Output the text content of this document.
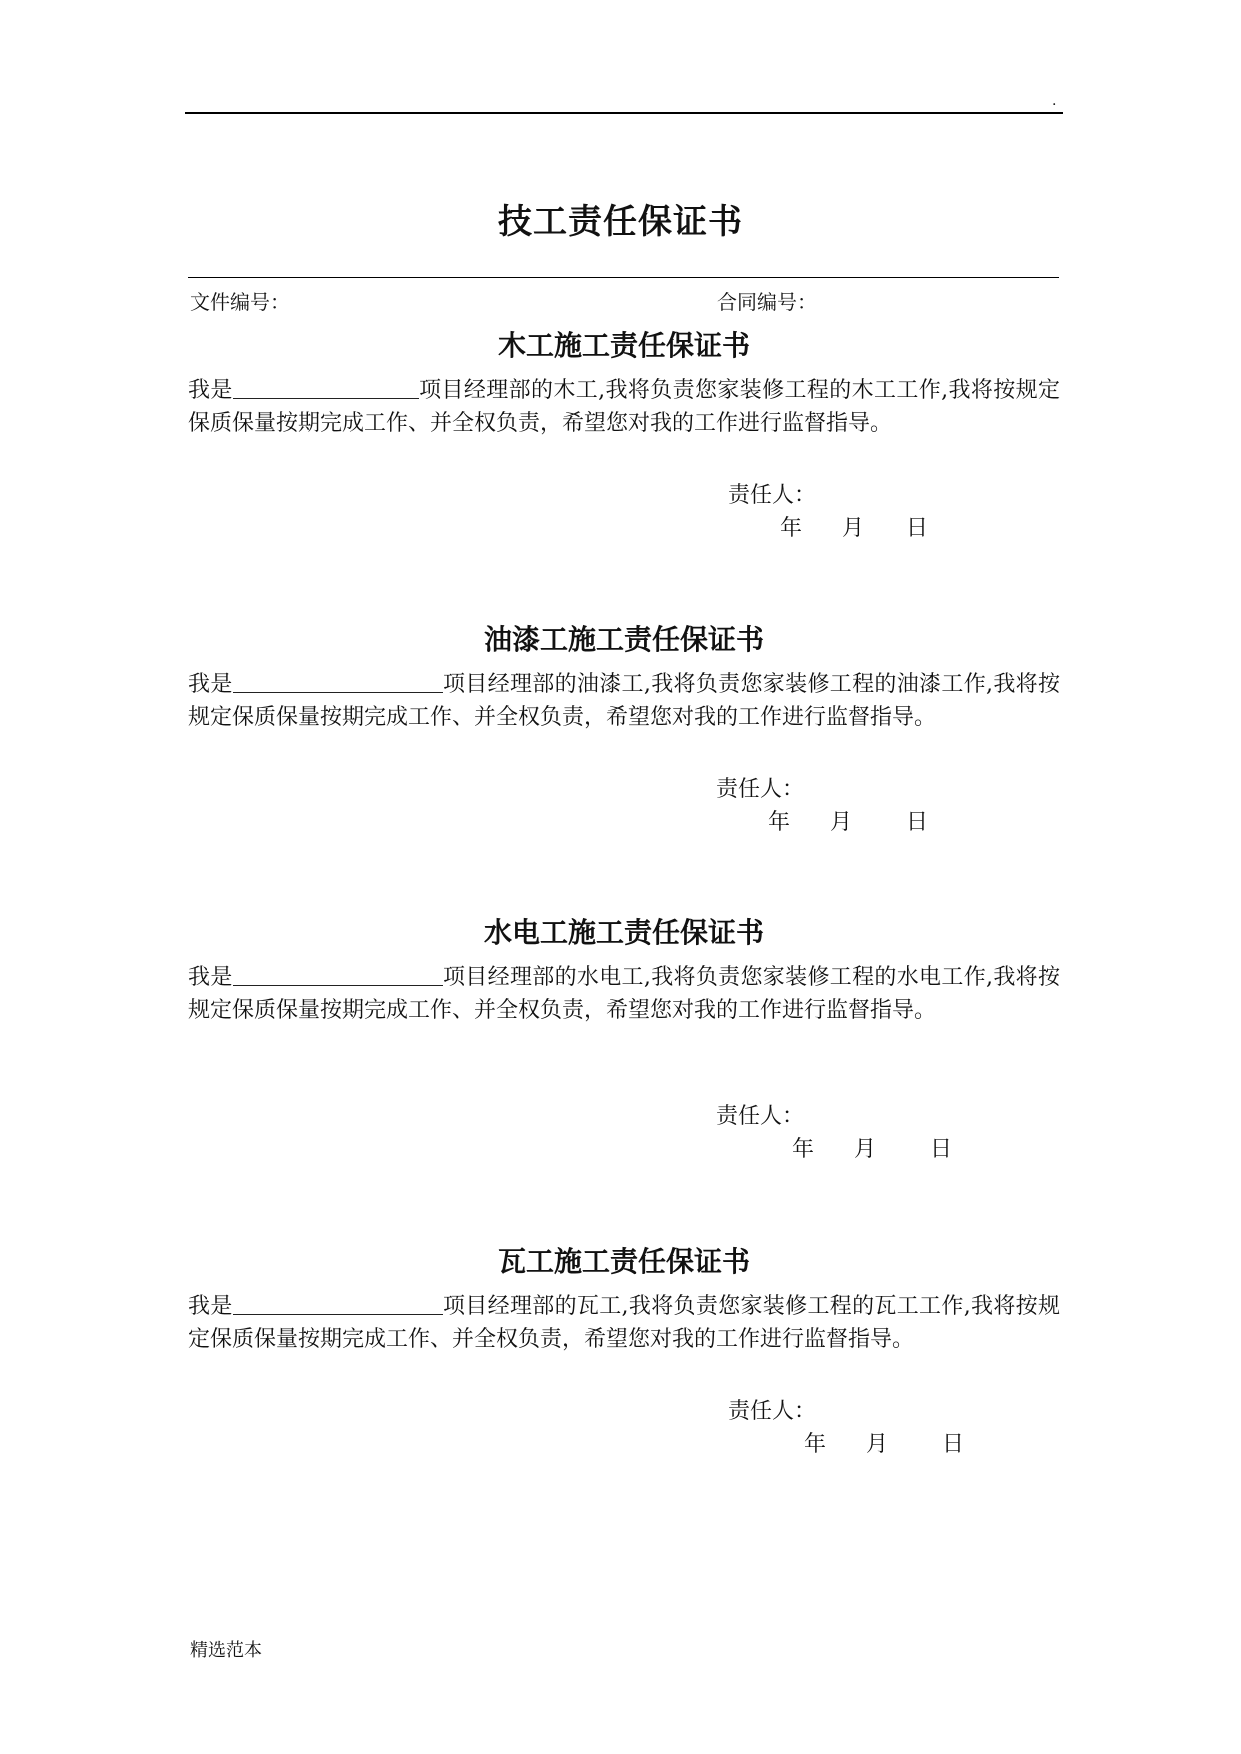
.
技工责任保证书
文件编号：	合同编号：
木工施工责任保证书
我是	项目经理部的木工,我将负责您家装修工程的木工工作,我将按规定保质保量按期完成工作、并全权负责，希望您对我的工作进行监督指导。
责任人：
年 月 日
油漆工施工责任保证书
我是	项目经理部的油漆工,我将负责您家装修工程的油漆工作,我将按规定保质保量按期完成工作、并全权负责，希望您对我的工作进行监督指导。
责任人：
年 月 日
水电工施工责任保证书
我是	项目经理部的水电工,我将负责您家装修工程的水电工作,我将按规定保质保量按期完成工作、并全权负责，希望您对我的工作进行监督指导。
责任人：
年 月 日
瓦工施工责任保证书
我是	项目经理部的瓦工,我将负责您家装修工程的瓦工工作,我将按规定保质保量按期完成工作、并全权负责，希望您对我的工作进行监督指导。
责任人：
年 月 日
精选范本
